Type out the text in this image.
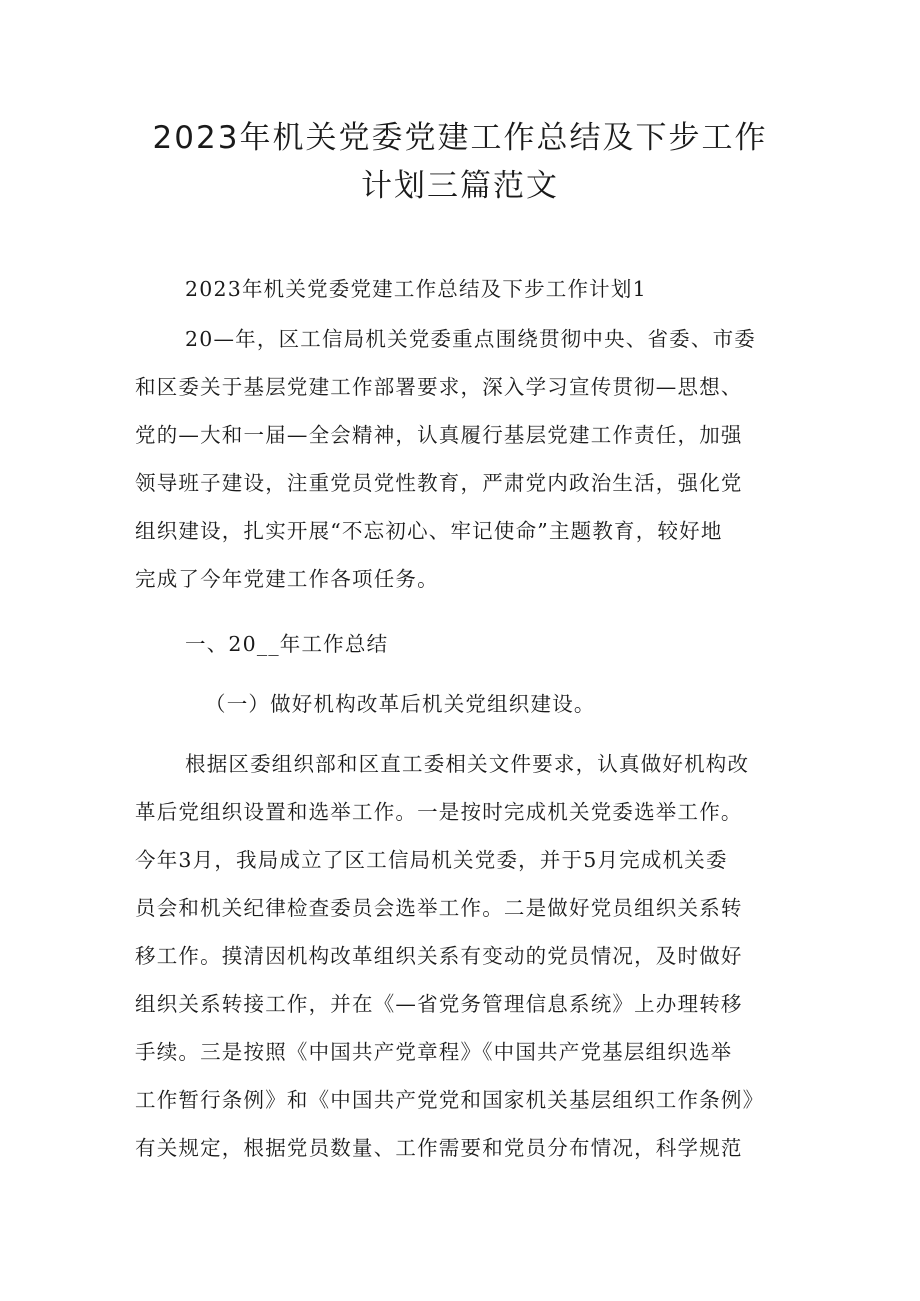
2023年机关党委党建工作总结及下步工作
计划三篇范文
2023年机关党委党建工作总结及下步工作计划1
20—年，区工信局机关党委重点围绕贯彻中央、省委、市委
和区委关于基层党建工作部署要求，深入学习宣传贯彻—思想、
党的—大和一届—全会精神，认真履行基层党建工作责任，加强
领导班子建设，注重党员党性教育，严肃党内政治生活，强化党
组织建设，扎实开展“不忘初心、牢记使命”主题教育，较好地
完成了今年党建工作各项任务。
一、20__年工作总结
（一）做好机构改革后机关党组织建设。
根据区委组织部和区直工委相关文件要求，认真做好机构改
革后党组织设置和选举工作。一是按时完成机关党委选举工作。
今年3月，我局成立了区工信局机关党委，并于5月完成机关委
员会和机关纪律检查委员会选举工作。二是做好党员组织关系转
移工作。摸清因机构改革组织关系有变动的党员情况，及时做好
组织关系转接工作，并在《—省党务管理信息系统》上办理转移
手续。三是按照《中国共产党章程》《中国共产党基层组织选举
工作暂行条例》和《中国共产党党和国家机关基层组织工作条例》
有关规定，根据党员数量、工作需要和党员分布情况，科学规范
